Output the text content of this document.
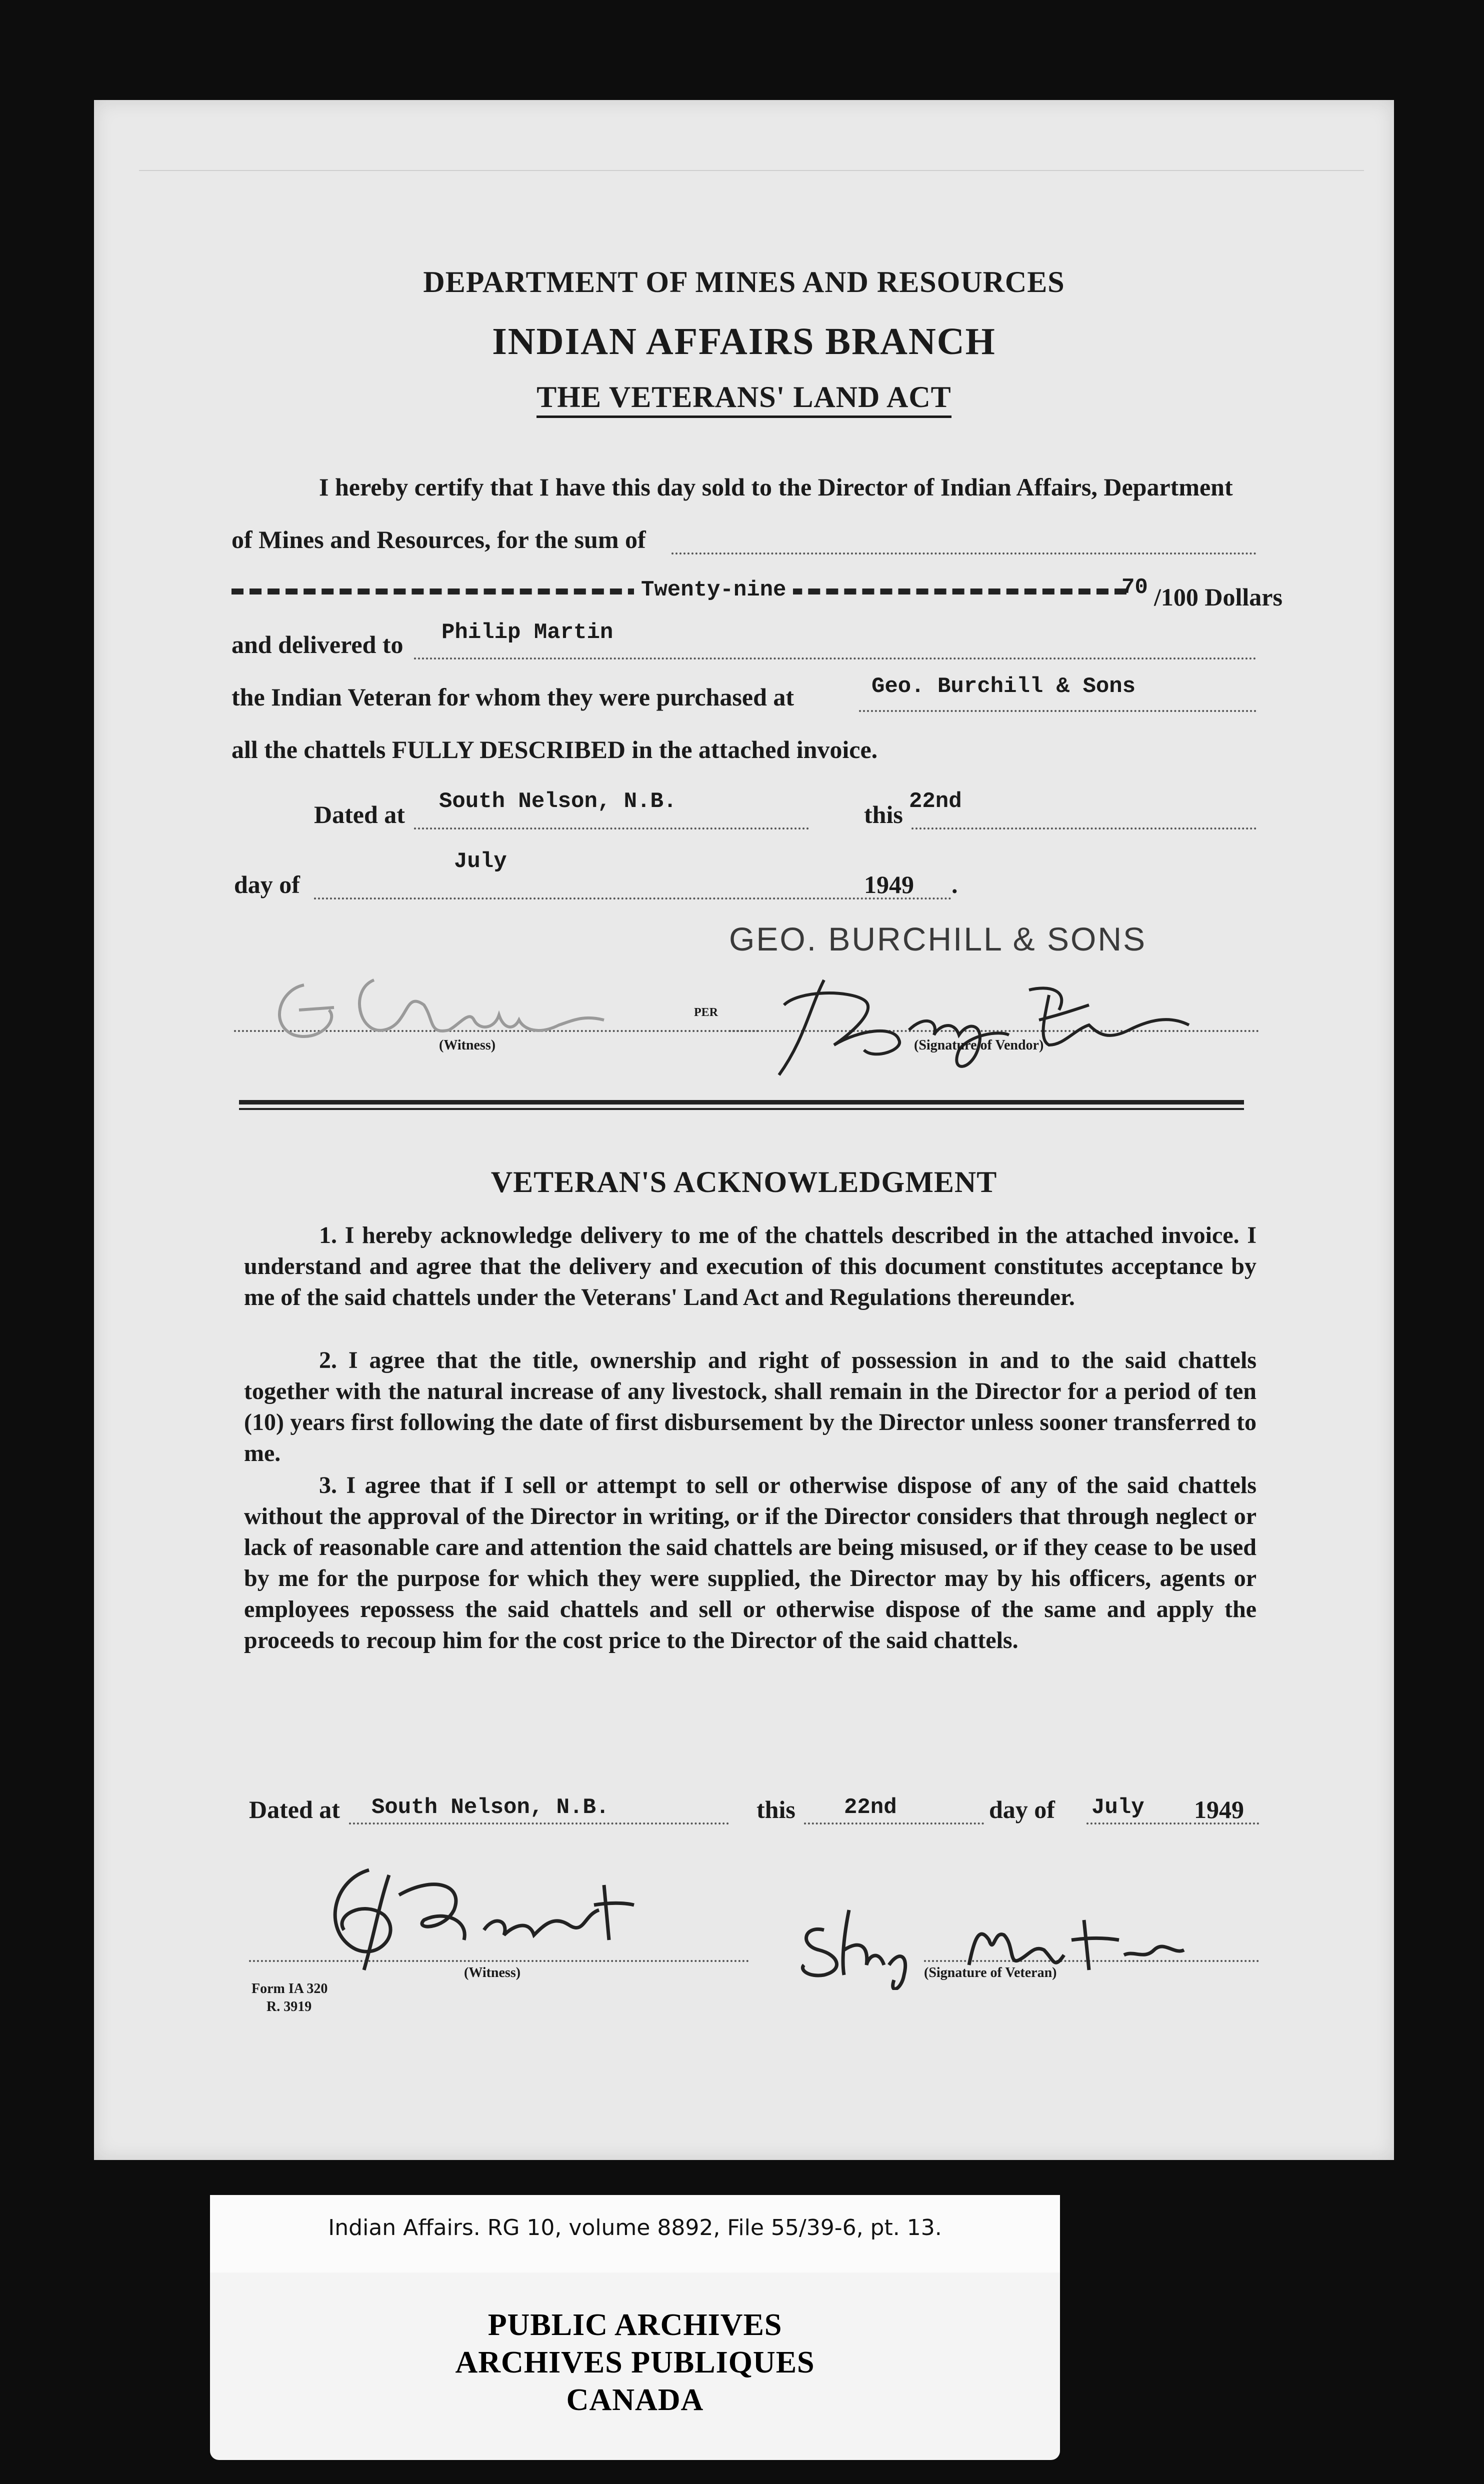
DEPARTMENT OF MINES AND RESOURCES
INDIAN AFFAIRS BRANCH
THE VETERANS' LAND ACT
I hereby certify that I have this day sold to the Director of Indian Affairs, Department
of Mines and Resources, for the sum of
Twenty-nine	70 /100 Dollars
and delivered to Philip Martin
the Indian Veteran for whom they were purchased at	Geo. Burchill & Sons
all the chattels FULLY DESCRIBED in the attached invoice.
Dated at South Nelson, N.B.	this 22nd
day of
July
1949 .
(Witness)
PER
GEO. BURCHILL & SONS
(Signature of Vendor)
VETERAN'S ACKNOWLEDGMENT
1. I hereby acknowledge delivery to me of the chattels described in the attached invoice. I understand and agree that the delivery and execution of this document constitutes acceptance by me of the said chattels under the Veterans' Land Act and Regulations thereunder.
2. I agree that the title, ownership and right of possession in and to the said chattels together with the natural increase of any livestock, shall remain in the Director for a period of ten (10) years first following the date of first disbursement by the Director unless sooner transferred to me.
3. I agree that if I sell or attempt to sell or otherwise dispose of any of the said chattels without the approval of the Director in writing, or if the Director considers that through neglect or lack of reasonable care and attention the said chattels are being misused, or if they cease to be used by me for the purpose for which they were supplied, the Director may by his officers, agents or employees repossess the said chattels and sell or otherwise dispose of the same and apply the proceeds to recoup him for the cost price to the Director of the said chattels.
Dated at South Nelson, N.B.	this 22nd	day of July 1949
(Witness)	(Signature of Veteran)
Form IA 320
R. 3919
Indian Affairs. RG 10, volume 8892, File 55/39-6, pt. 13.
PUBLIC ARCHIVES
ARCHIVES PUBLIQUES
CANADA
